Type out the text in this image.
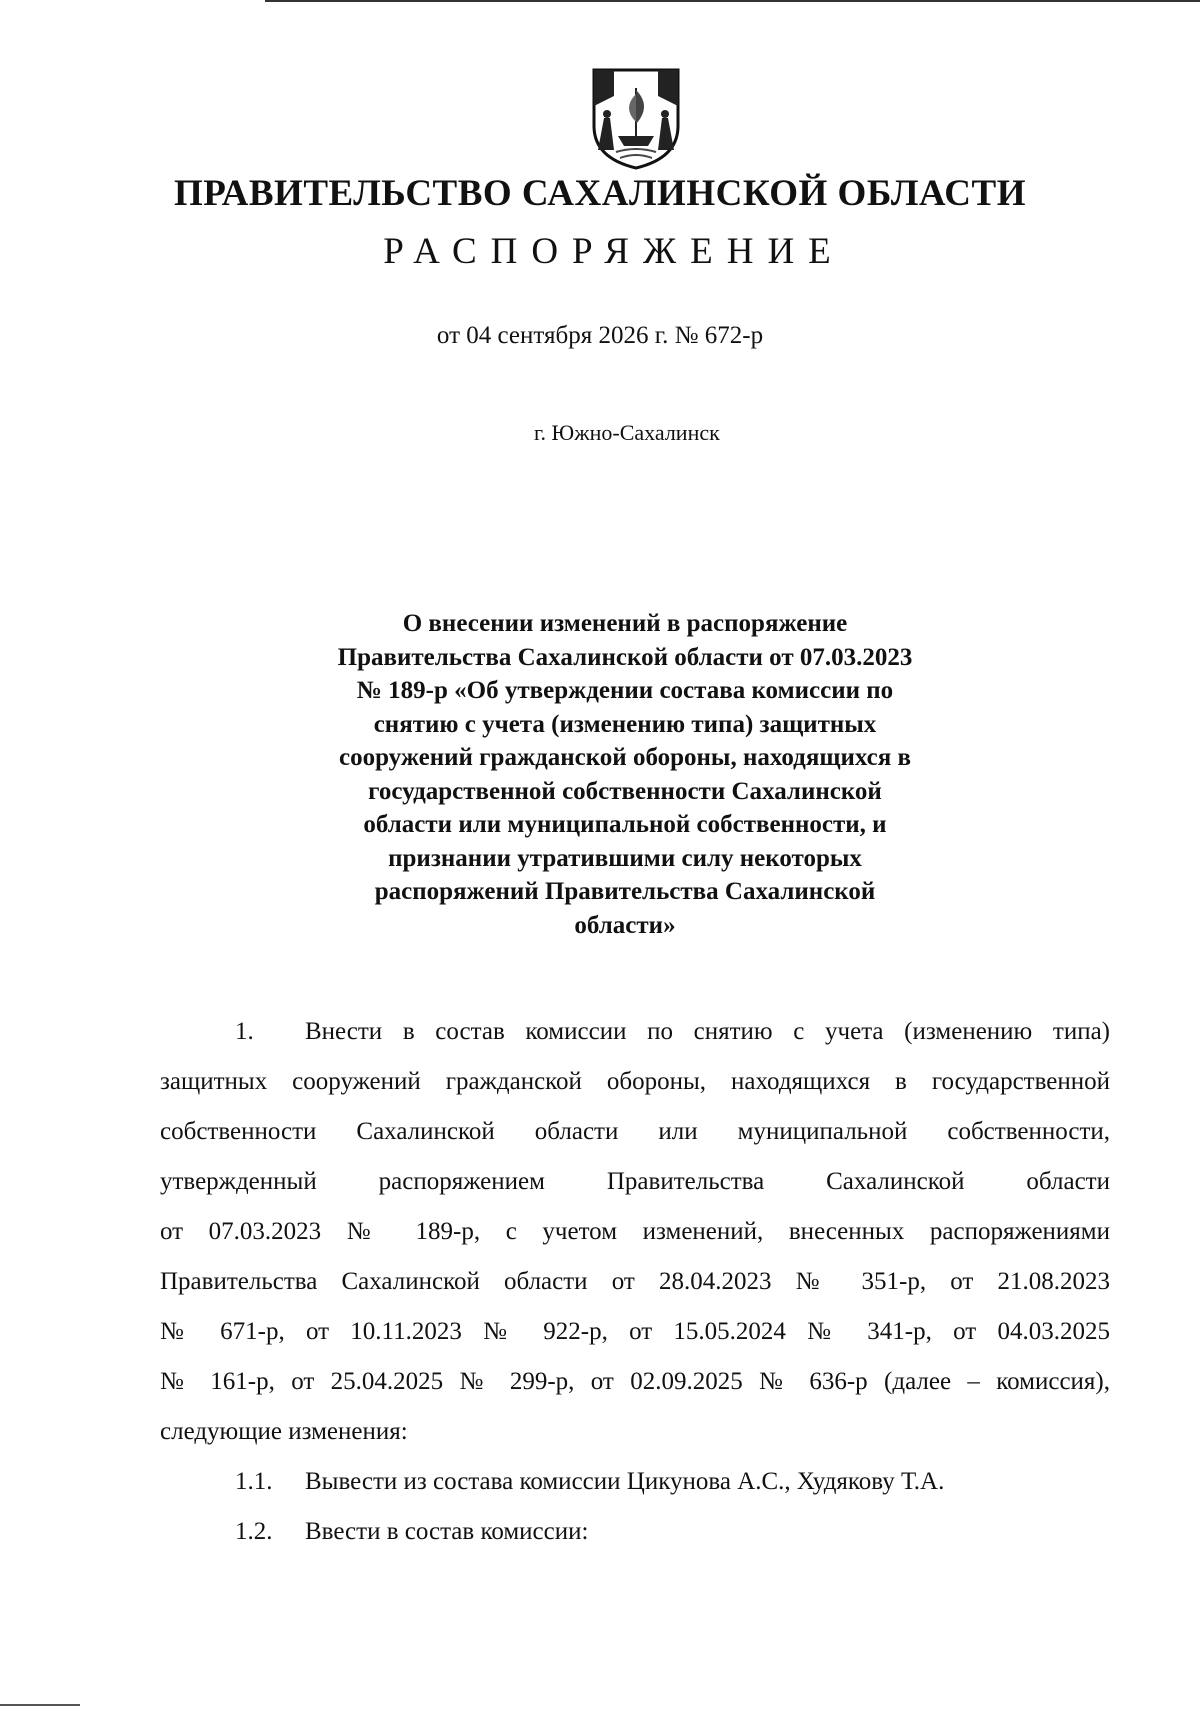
ПРАВИТЕЛЬСТВО САХАЛИНСКОЙ ОБЛАСТИ
РАСПОРЯЖЕНИЕ
от 04 сентября 2026 г. № 672-р
г. Южно-Сахалинск
О внесении изменений в распоряжение
Правительства Сахалинской области от 07.03.2023
№ 189-р «Об утверждении состава комиссии по
снятию с учета (изменению типа) защитных
сооружений гражданской обороны, находящихся в
государственной собственности Сахалинской
области или муниципальной собственности, и
признании утратившими силу некоторых
распоряжений Правительства Сахалинской
области»
1. Внести в состав комиссии по снятию с учета (изменению типа)
защитных сооружений гражданской обороны, находящихся в государственной
собственности Сахалинской области или муниципальной собственности,
утвержденный распоряжением Правительства Сахалинской области
от 07.03.2023 № 189-р, с учетом изменений, внесенных распоряжениями
Правительства Сахалинской области от 28.04.2023 № 351-р, от 21.08.2023
№ 671-р, от 10.11.2023 № 922-р, от 15.05.2024 № 341-р, от 04.03.2025
№ 161-р, от 25.04.2025 № 299-р, от 02.09.2025 № 636-р (далее – комиссия),
следующие изменения:
1.1. Вывести из состава комиссии Цикунова А.С., Худякову Т.А.
1.2. Ввести в состав комиссии:
